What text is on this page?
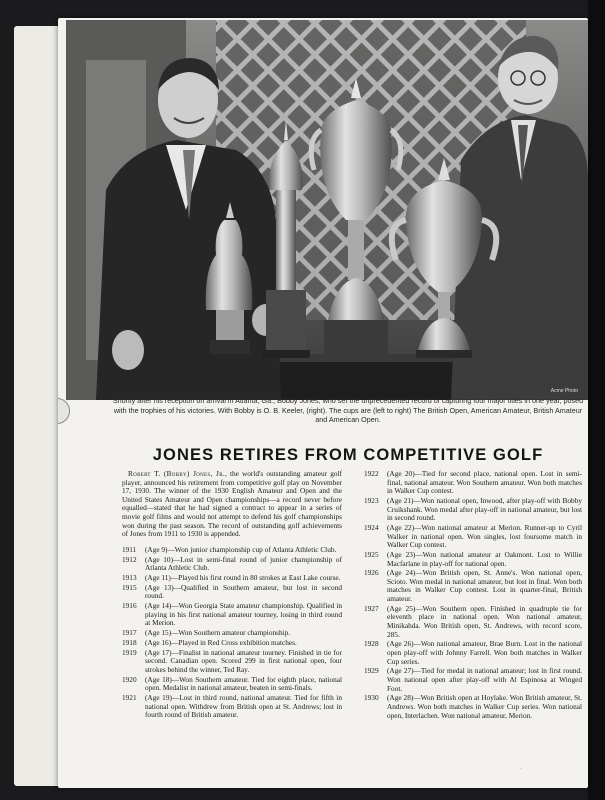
Acme Photo
Shortly after his reception on arrival in Atlanta, Ga., Bobby Jones, who set the unprecedented record of capturing four major titles in one year, posed with the trophies of his victories. With Bobby is O. B. Keeler, (right). The cups are (left to right) The British Open, American Amateur, British Amateur and American Open.
JONES RETIRES FROM COMPETITIVE GOLF

Robert T. (Bobby) Jones, Jr., the world's outstanding amateur golf player, announced his retirement from competitive golf play on November 17, 1930. The winner of the 1930 English Amateur and Open and the United States Amateur and Open championships—a record never before equalled—stated that he had signed a contract to appear in a series of movie golf films and would not attempt to defend his golf championships won during the past season. The record of outstanding golf achievements of Jones from 1911 to 1930 is appended.

1911	(Age 9)—Won junior championship cup of Atlanta Athletic Club.
1912	(Age 10)—Lost in semi-final round of junior championship of Atlanta Athletic Club.
1913	(Age 11)—Played his first round in 80 strokes at East Lake course.
1915	(Age 13)—Qualified in Southern amateur, but lost in second round.
1916	(Age 14)—Won Georgia State amateur championship. Qualified in playing in his first national amateur tourney, losing in third round at Merion.
1917	(Age 15)—Won Southern amateur championship.
1918	(Age 16)—Played in Red Cross exhibition matches.
1919	(Age 17)—Finalist in national amateur tourney. Finished in tie for second. Canadian open. Scored 299 in first national open, four strokes behind the winner, Ted Ray.
1920	(Age 18)—Won Southern amateur. Tied for eighth place, national open. Medalist in national amateur, beaten in semi-finals.
1921	(Age 19)—Lost in third round, national amateur. Tied for fifth in national open. Withdrew from British open at St. Andrews; lost in fourth round of British amateur.
1922	(Age 20)—Tied for second place, national open. Lost in semi-final, national amateur. Won Southern amateur. Won both matches in Walker Cup contest.
1923	(Age 21)—Won national open, Inwood, after play-off with Bobby Cruikshank. Won medal after play-off in national amateur, but lost in second round.
1924	(Age 22)—Won national amateur at Merion. Runner-up to Cyril Walker in national open. Won singles, lost foursome match in Walker Cup contest.
1925	(Age 23)—Won national amateur at Oakmont. Lost to Willie Macfarlane in play-off for national open.
1926	(Age 24)—Won British open, St. Anne's. Won national open, Scioto. Won medal in national amateur, but lost in final. Won both matches in Walker Cup contest. Lost in quarter-final, British amateur.
1927	(Age 25)—Won Southern open. Finished in quadruple tie for eleventh place in national open. Won national amateur, Minikahda. Won British open, St. Andrews, with record score, 285.
1928	(Age 26)—Won national amateur, Brae Burn. Lost in the national open play-off with Johnny Farrell. Won both matches in Walker Cup series.
1929	(Age 27)—Tied for medal in national amateur; lost in first round. Won national open after play-off with Al Espinosa at Winged Foot.
1930	(Age 28)—Won British open at Hoylake. Won British amateur, St. Andrews. Won both matches in Walker Cup series. Won national open, Interlachen. Won national amateur, Merion.
·
